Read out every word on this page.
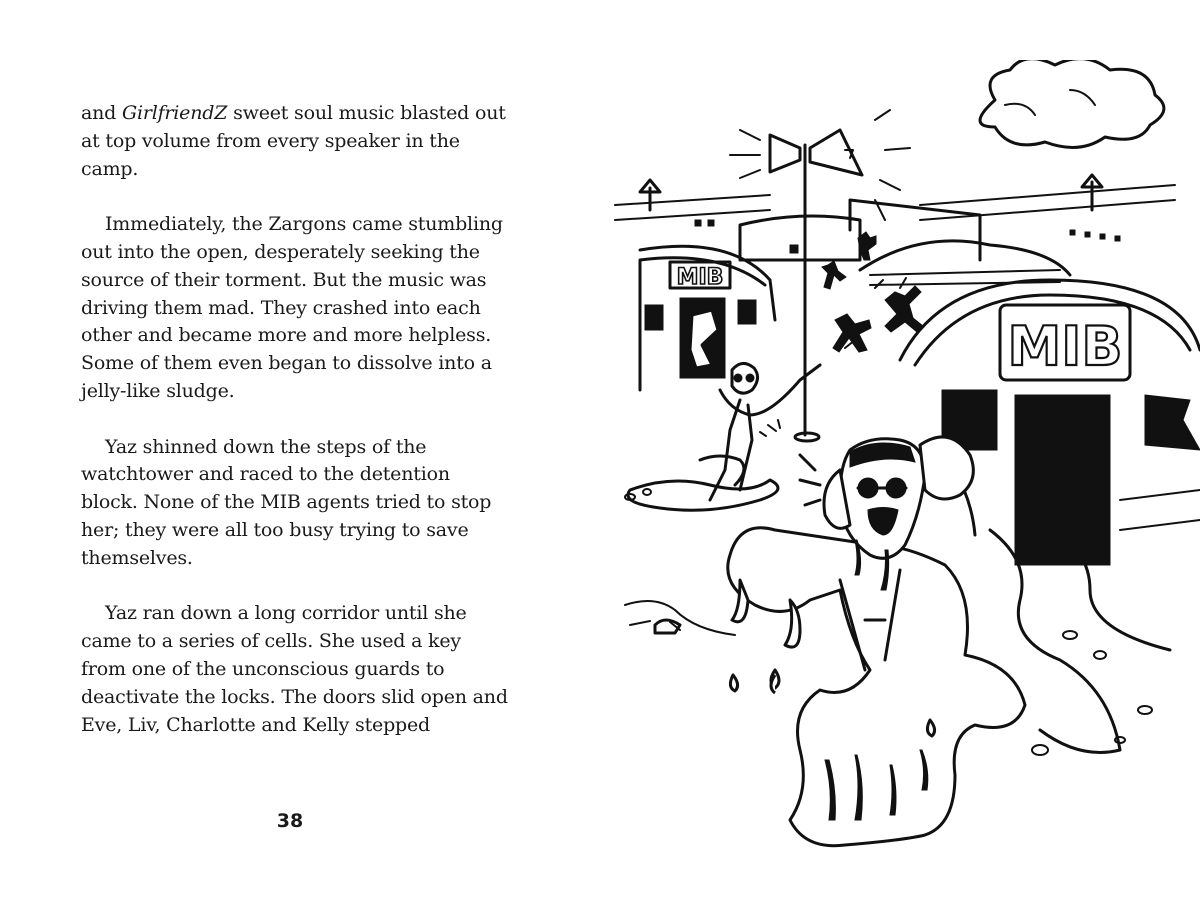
and GirlfriendZ sweet soul music blasted out at top volume from every speaker in the camp.

Immediately, the Zargons came stumbling out into the open, desperately seeking the source of their torment. But the music was driving them mad. They crashed into each other and became more and more helpless. Some of them even began to dissolve into a jelly-like sludge.

Yaz shinned down the steps of the watchtower and raced to the detention block. None of the MIB agents tried to stop her; they were all too busy trying to save themselves.

Yaz ran down a long corridor until she came to a series of cells. She used a key from one of the unconscious guards to deactivate the locks. The doors slid open and Eve, Liv, Charlotte and Kelly stepped

38
MIB
MIB
